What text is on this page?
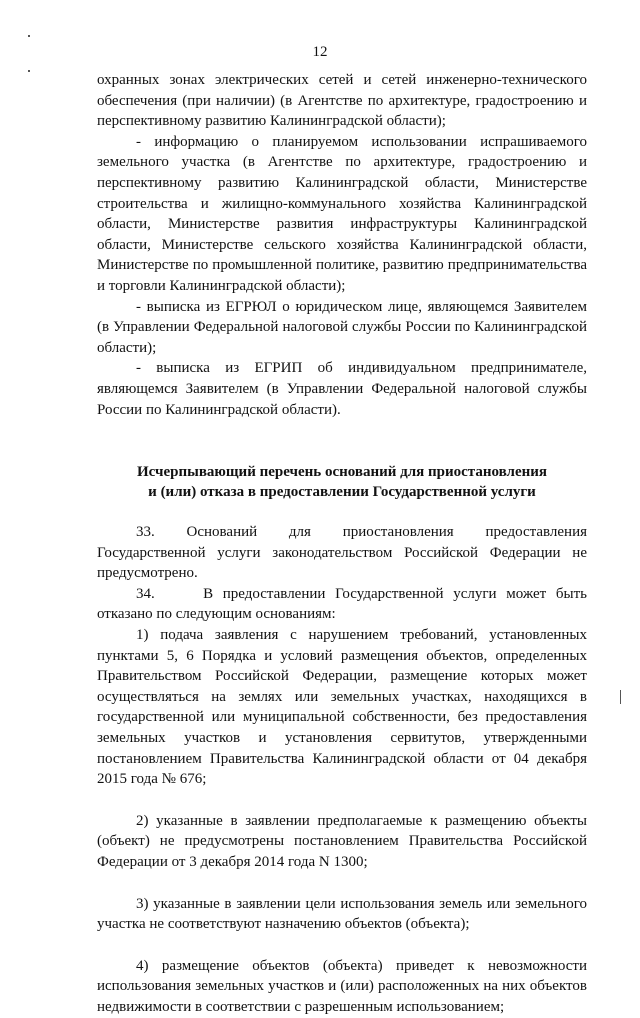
12

охранных зонах электрических сетей и сетей инженерно-технического обеспечения (при наличии) (в Агентстве по архитектуре, градостроению и перспективному развитию Калининградской области);

- информацию о планируемом использовании испрашиваемого земельного участка (в Агентстве по архитектуре, градостроению и перспективному развитию Калининградской области, Министерстве строительства и жилищно-коммунального хозяйства Калининградской области, Министерстве развития инфраструктуры Калининградской области, Министерстве сельского хозяйства Калининградской области, Министерстве по промышленной политике, развитию предпринимательства и торговли Калининградской области);

- выписка из ЕГРЮЛ о юридическом лице, являющемся Заявителем (в Управлении Федеральной налоговой службы России по Калининградской области);

- выписка из ЕГРИП об индивидуальном предпринимателе, являющемся Заявителем (в Управлении Федеральной налоговой службы России по Калининградской области).

Исчерпывающий перечень оснований для приостановления
и (или) отказа в предоставлении Государственной услуги

33. Оснований для приостановления предоставления Государственной услуги законодательством Российской Федерации не предусмотрено.

34.     В предоставлении Государственной услуги может быть отказано по следующим основаниям:

1) подача заявления с нарушением требований, установленных пунктами 5, 6 Порядка и условий размещения объектов, определенных Правительством Российской Федерации, размещение которых может осуществляться на землях или земельных участках, находящихся в государственной или муниципальной собственности, без предоставления земельных участков и установления сервитутов, утвержденными постановлением Правительства Калининградской области от 04 декабря 2015 года № 676;

2) указанные в заявлении предполагаемые к размещению объекты (объект) не предусмотрены постановлением Правительства Российской Федерации от 3 декабря 2014 года N 1300;

3) указанные в заявлении цели использования земель или земельного участка не соответствуют назначению объектов (объекта);

4) размещение объектов (объекта) приведет к невозможности использования земельных участков и (или) расположенных на них объектов недвижимости в соответствии с разрешенным использованием;
